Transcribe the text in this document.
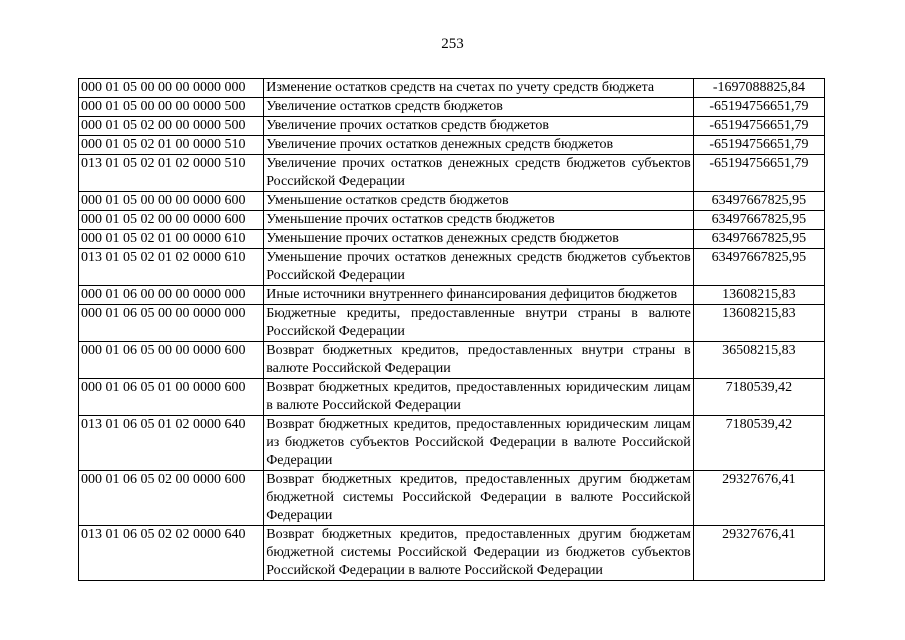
253
000 01 05 00 00 00 0000 000	Изменение остатков средств на счетах по учету средств бюджета	-1697088825,84
000 01 05 00 00 00 0000 500	Увеличение остатков средств бюджетов	-65194756651,79
000 01 05 02 00 00 0000 500	Увеличение прочих остатков средств бюджетов	-65194756651,79
000 01 05 02 01 00 0000 510	Увеличение прочих остатков денежных средств бюджетов	-65194756651,79
013 01 05 02 01 02 0000 510	Увеличение прочих остатков денежных средств бюджетов субъектов Российской Федерации	-65194756651,79
000 01 05 00 00 00 0000 600	Уменьшение остатков средств бюджетов	63497667825,95
000 01 05 02 00 00 0000 600	Уменьшение прочих остатков средств бюджетов	63497667825,95
000 01 05 02 01 00 0000 610	Уменьшение прочих остатков денежных средств бюджетов	63497667825,95
013 01 05 02 01 02 0000 610	Уменьшение прочих остатков денежных средств бюджетов субъектов Российской Федерации	63497667825,95
000 01 06 00 00 00 0000 000	Иные источники внутреннего финансирования дефицитов бюджетов	13608215,83
000 01 06 05 00 00 0000 000	Бюджетные кредиты, предоставленные внутри страны в валюте Российской Федерации	13608215,83
000 01 06 05 00 00 0000 600	Возврат бюджетных кредитов, предоставленных внутри страны в валюте Российской Федерации	36508215,83
000 01 06 05 01 00 0000 600	Возврат бюджетных кредитов, предоставленных юридическим лицам в валюте Российской Федерации	7180539,42
013 01 06 05 01 02 0000 640	Возврат бюджетных кредитов, предоставленных юридическим лицам из бюджетов субъектов Российской Федерации в валюте Российской Федерации	7180539,42
000 01 06 05 02 00 0000 600	Возврат бюджетных кредитов, предоставленных другим бюджетам бюджетной системы Российской Федерации в валюте Российской Федерации	29327676,41
013 01 06 05 02 02 0000 640	Возврат бюджетных кредитов, предоставленных другим бюджетам бюджетной системы Российской Федерации из бюджетов субъектов Российской Федерации в валюте Российской Федерации	29327676,41
